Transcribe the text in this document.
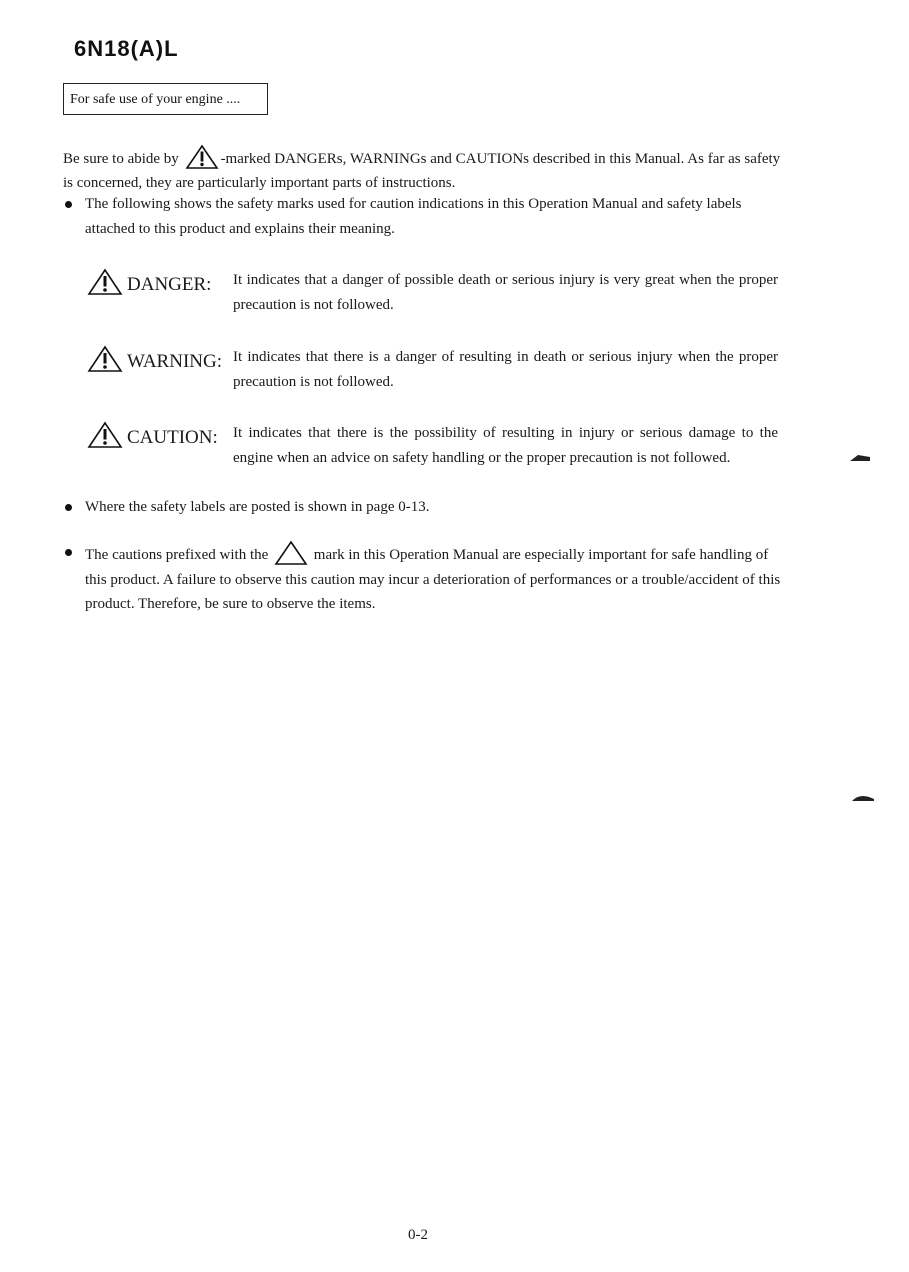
6N18(A)L
For safe use of your engine ....
Be sure to abide by	-marked DANGERs, WARNINGs and CAUTIONs described in this Manual. As far as safety is concerned, they are particularly important parts of instructions.
The following shows the safety marks used for caution indications in this Operation Manual and safety labels attached to this product and explains their meaning.
DANGER: It indicates that a danger of possible death or serious injury is very great when the proper precaution is not followed.
WARNING: It indicates that there is a danger of resulting in death or serious injury when the proper precaution is not followed.
CAUTION: It indicates that there is the possibility of resulting in injury or serious damage to the engine when an advice on safety handling or the proper precaution is not followed.
Where the safety labels are posted is shown in page 0-13.
The cautions prefixed with the	mark in this Operation Manual are especially important for safe handling of this product. A failure to observe this caution may incur a deterioration of performances or a trouble/accident of this product. Therefore, be sure to observe the items.
0-2
